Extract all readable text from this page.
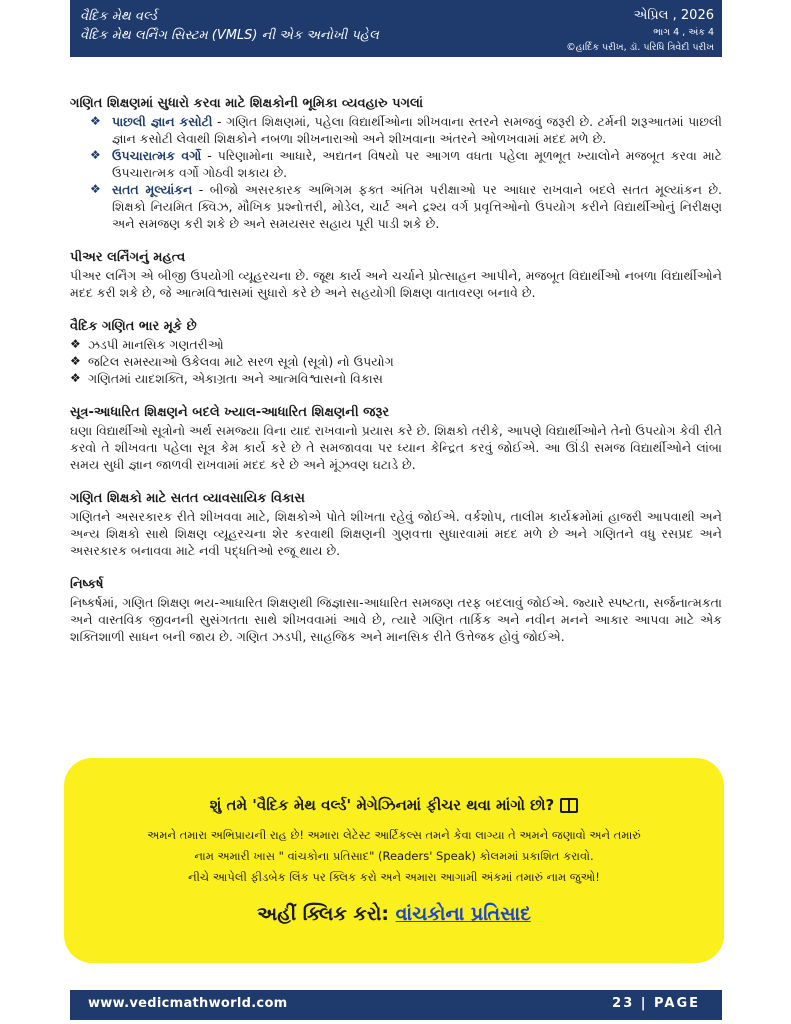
વૈદિક મેથ વર્લ્ડ
વૈદિક મેથ લર્નિંગ સિસ્ટમ (VMLS) ની એક અનોખી પહેલ
એપ્રિલ , 2026
ભાગ 4 , અંક 4
©હાર્દિક પરીખ, ડૉ. પરિધિ ત્રિવેદી પરીખ
ગણિત શિક્ષણમાં સુધારો કરવા માટે શિક્ષકોની ભૂમિકા વ્યવહારુ પગલાં
❖ પાછલી જ્ઞાન કસોટી - ગણિત શિક્ષણમાં, પહેલા વિદ્યાર્થીઓના શીખવાના સ્તરને સમજવું જરૂરી છે. ટર્મની શરૂઆતમાં પાછલી જ્ઞાન કસોટી લેવાથી શિક્ષકોને નબળા શીખનારાઓ અને શીખવાના અંતરને ઓળખવામાં મદદ મળે છે.
❖ ઉપચારાત્મક વર્ગો - પરિણામોના આધારે, અદ્યતન વિષયો પર આગળ વધતા પહેલા મૂળભૂત ખ્યાલોને મજબૂત કરવા માટે ઉપચારાત્મક વર્ગો ગોઠવી શકાય છે.
❖ સતત મૂલ્યાંકન - બીજો અસરકારક અભિગમ ફક્ત અંતિમ પરીક્ષાઓ પર આધાર રાખવાને બદલે સતત મૂલ્યાંકન છે. શિક્ષકો નિયમિત ક્વિઝ, મૌખિક પ્રશ્નોત્તરી, મોડેલ, ચાર્ટ અને દ્રશ્ય વર્ગ પ્રવૃત્તિઓનો ઉપયોગ કરીને વિદ્યાર્થીઓનું નિરીક્ષણ અને સમજણ કરી શકે છે અને સમયસર સહાય પૂરી પાડી શકે છે.
પીઅર લર્નિંગનું મહત્વ

પીઅર લર્નિંગ એ બીજી ઉપયોગી વ્યૂહરચના છે. જૂથ કાર્ય અને ચર્ચાને પ્રોત્સાહન આપીને, મજબૂત વિદ્યાર્થીઓ નબળા વિદ્યાર્થીઓને મદદ કરી શકે છે, જે આત્મવિશ્વાસમાં સુધારો કરે છે અને સહયોગી શિક્ષણ વાતાવરણ બનાવે છે.

વૈદિક ગણિત ભાર મૂકે છે
❖ ઝડપી માનસિક ગણતરીઓ
❖ જટિલ સમસ્યાઓ ઉકેલવા માટે સરળ સૂત્રો (સૂત્રો) નો ઉપયોગ
❖ ગણિતમાં યાદશક્તિ, એકાગ્રતા અને આત્મવિશ્વાસનો વિકાસ
સૂત્ર-આધારિત શિક્ષણને બદલે ખ્યાલ-આધારિત શિક્ષણની જરૂર

ઘણા વિદ્યાર્થીઓ સૂત્રોનો અર્થ સમજ્યા વિના યાદ રાખવાનો પ્રયાસ કરે છે. શિક્ષકો તરીકે, આપણે વિદ્યાર્થીઓને તેનો ઉપયોગ કેવી રીતે કરવો તે શીખવતા પહેલા સૂત્ર કેમ કાર્ય કરે છે તે સમજાવવા પર ધ્યાન કેન્દ્રિત કરવું જોઈએ. આ ઊંડી સમજ વિદ્યાર્થીઓને લાંબા સમય સુધી જ્ઞાન જાળવી રાખવામાં મદદ કરે છે અને મૂંઝવણ ઘટાડે છે.

ગણિત શિક્ષકો માટે સતત વ્યાવસાયિક વિકાસ

ગણિતને અસરકારક રીતે શીખવવા માટે, શિક્ષકોએ પોતે શીખતા રહેવું જોઈએ. વર્કશોપ, તાલીમ કાર્યક્રમોમાં હાજરી આપવાથી અને અન્ય શિક્ષકો સાથે શિક્ષણ વ્યૂહરચના શેર કરવાથી શિક્ષણની ગુણવત્તા સુધારવામાં મદદ મળે છે અને ગણિતને વધુ રસપ્રદ અને અસરકારક બનાવવા માટે નવી પદ્ધતિઓ રજૂ થાય છે.

નિષ્કર્ષ

નિષ્કર્ષમાં, ગણિત શિક્ષણ ભય-આધારિત શિક્ષણથી જિજ્ઞાસા-આધારિત સમજણ તરફ બદલાવું જોઈએ. જ્યારે સ્પષ્ટતા, સર્જનાત્મકતા અને વાસ્તવિક જીવનની સુસંગતતા સાથે શીખવવામાં આવે છે, ત્યારે ગણિત તાર્કિક અને નવીન મનને આકાર આપવા માટે એક શક્તિશાળી સાધન બની જાય છે. ગણિત ઝડપી, સાહજિક અને માનસિક રીતે ઉત્તેજક હોવું જોઈએ.

શું તમે 'વૈદિક મેથ વર્લ્ડ' મેગેઝિનમાં ફીચર થવા માંગો છો?
અમને તમારા અભિપ્રાયની રાહ છે! અમારા લેટેસ્ટ આર્ટિકલ્સ તમને કેવા લાગ્યા તે અમને જણાવો અને તમારું
નામ અમારી ખાસ " વાંચકોના પ્રતિસાદ" (Readers' Speak) કોલમમાં પ્રકાશિત કરાવો.
નીચે આપેલી ફીડબેક લિંક પર ક્લિક કરો અને અમારા આગામી અંકમાં તમારું નામ જુઓ!
અહીં ક્લિક કરો: વાંચકોના પ્રતિસાદ
www.vedicmathworld.com	23 | PAGE
